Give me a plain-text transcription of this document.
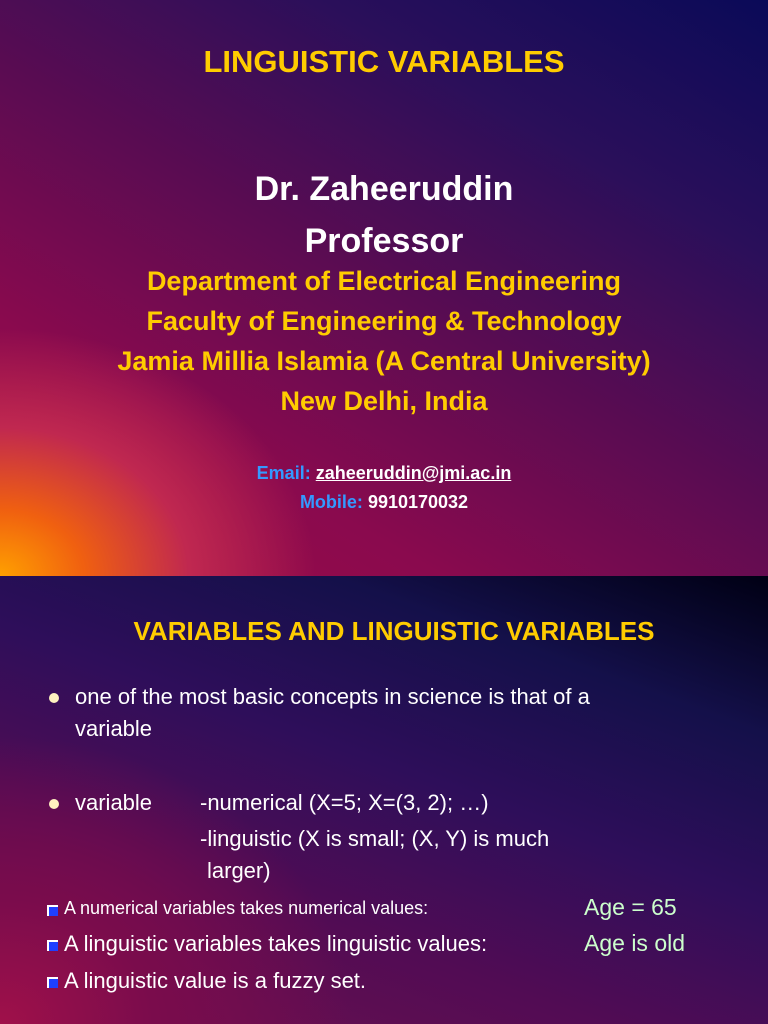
LINGUISTIC VARIABLES
Dr. Zaheeruddin
Professor
Department of Electrical Engineering
Faculty of Engineering & Technology
Jamia Millia Islamia (A Central University)
New Delhi, India
Email: zaheeruddin@jmi.ac.in
Mobile: 9910170032
VARIABLES AND LINGUISTIC VARIABLES
one of the most basic concepts in science is that of a
variable
variable -numerical (X=5; X=(3, 2); …)
-linguistic (X is small; (X, Y) is much
larger)
A numerical variables takes numerical values:	Age = 65
A linguistic variables takes linguistic values:	Age is old
A linguistic value is a fuzzy set.
